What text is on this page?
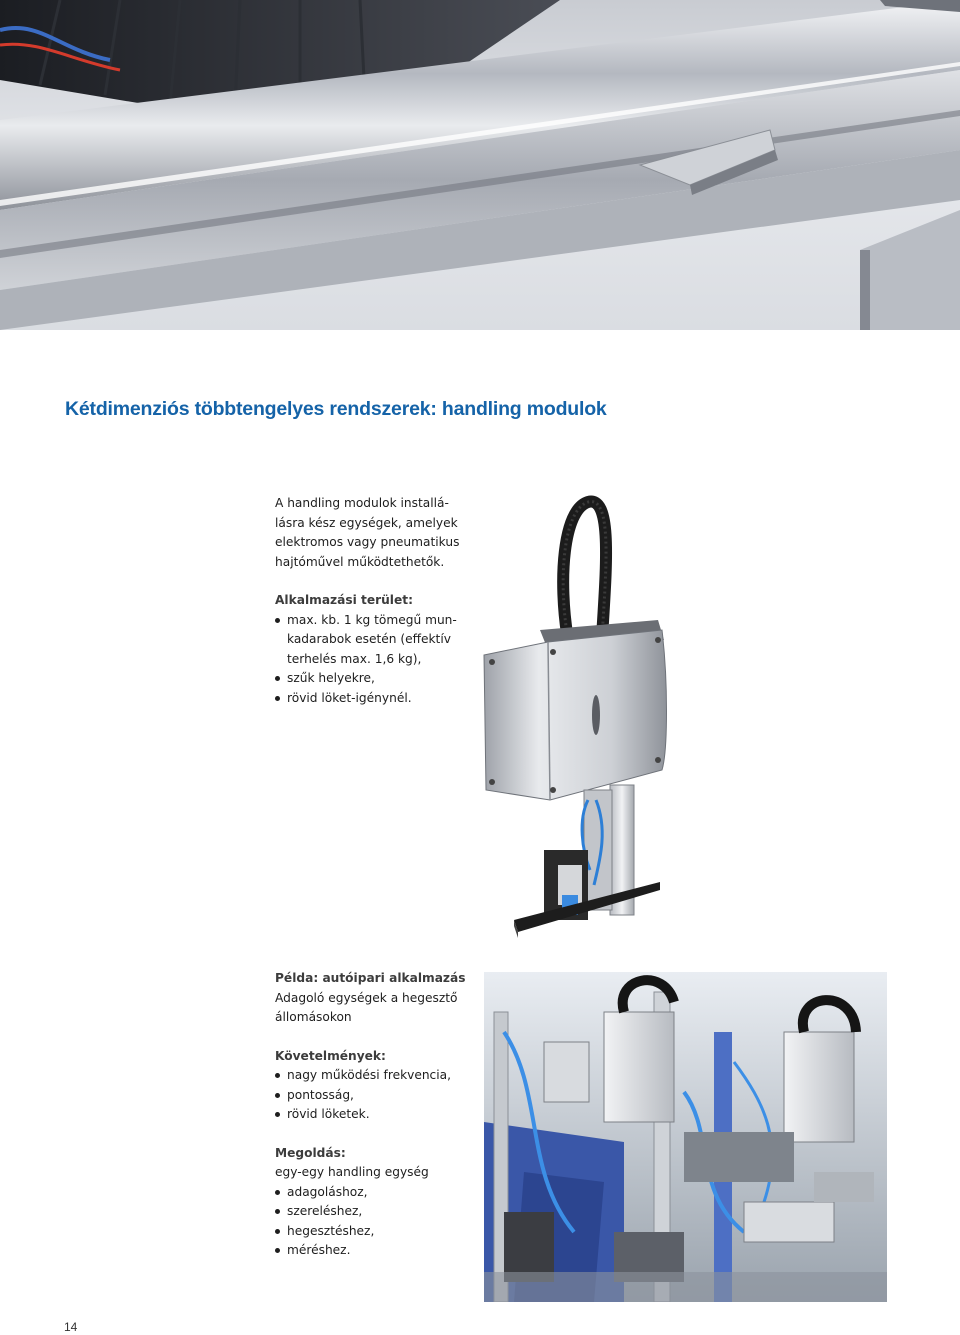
Kétdimenziós többtengelyes rendszerek: handling modulok

A handling modulok installá-

lásra kész egységek, amelyek

elektromos vagy pneumatikus

hajtóművel működtethetők.

Alkalmazási terület:

max. kb. 1 kg tömegű mun-
kadarabok esetén (effektív
terhelés max. 1,6 kg),
szűk helyekre,
rövid löket-igénynél.

Példa: autóipari alkalmazás

Adagoló egységek a hegesztő

állomásokon

Követelmények:

nagy működési frekvencia,
pontosság,
rövid löketek.

Megoldás:

egy-egy handling egység

adagoláshoz,
szereléshez,
hegesztéshez,
méréshez.
14
